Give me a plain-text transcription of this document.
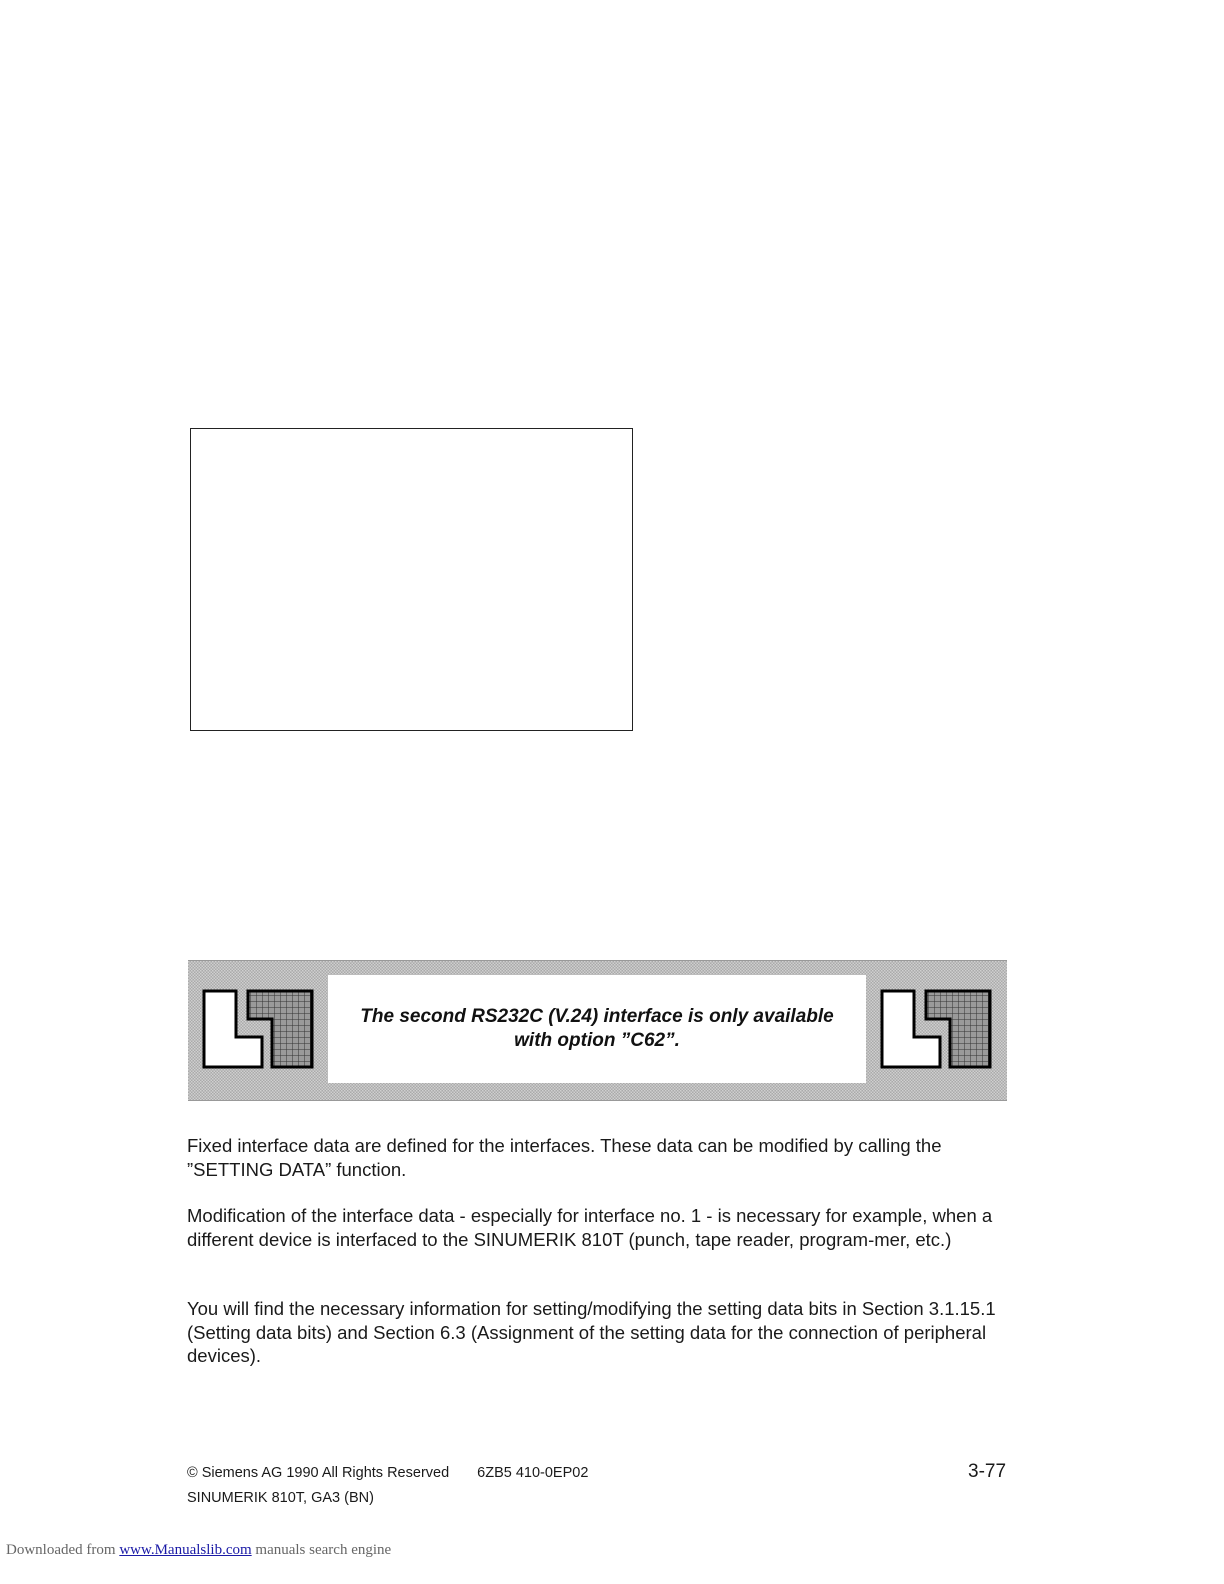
The second RS232C (V.24) interface is only available
with option ”C62”.

Fixed interface data are defined for the interfaces. These data can be modified by calling the ”SETTING DATA” function.

Modification of the interface data - especially for interface no. 1 - is necessary for example, when a different device is interfaced to the SINUMERIK 810T (punch, tape reader, program-mer, etc.)

You will find the necessary information for setting/modifying the setting data bits in Section 3.1.15.1 (Setting data bits) and Section 6.3 (Assignment of the setting data for the connection of peripheral devices).

© Siemens AG 1990 All Rights Reserved 6ZB5 410-0EP02	3-77
SINUMERIK 810T, GA3 (BN)
Downloaded from www.Manualslib.com manuals search engine
